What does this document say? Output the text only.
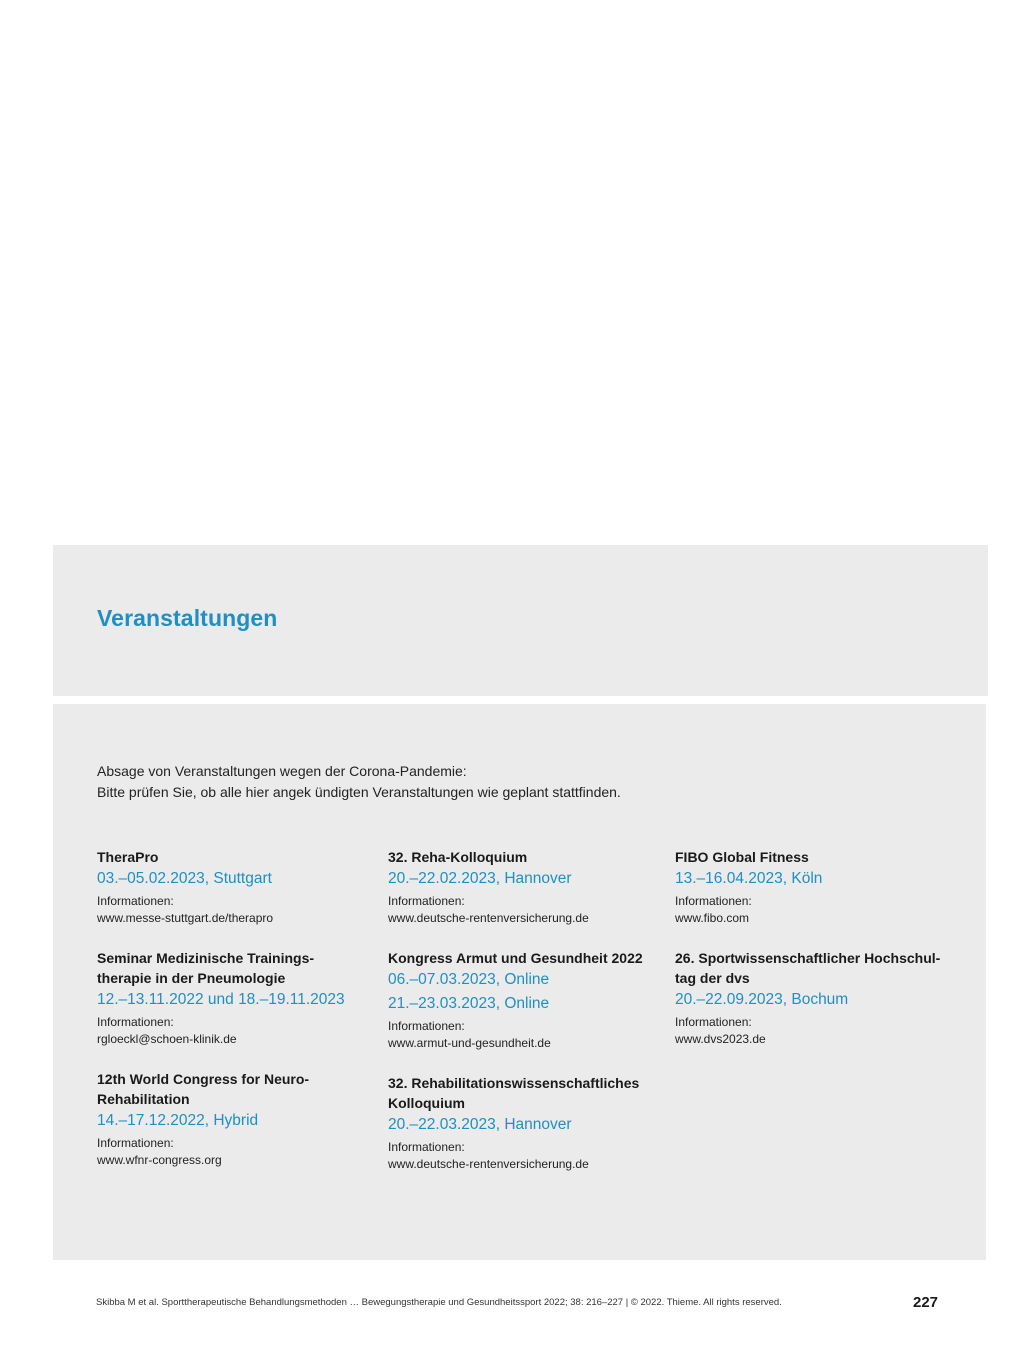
Veranstaltungen
Absage von Veranstaltungen wegen der Corona-Pandemie:
Bitte prüfen Sie, ob alle hier angek ündigten Veranstaltungen wie geplant stattfinden.
TheraPro
03.–05.02.2023, Stuttgart
Informationen:
www.messe-stuttgart.de/therapro
Seminar Medizinische Trainings-
therapie in der Pneumologie
12.–13.11.2022 und 18.–19.11.2023
Informationen:
rgloeckl@schoen-klinik.de
12th World Congress for Neuro-
Rehabilitation
14.–17.12.2022, Hybrid
Informationen:
www.wfnr-congress.org
32. Reha-Kolloquium
20.–22.02.2023, Hannover
Informationen:
www.deutsche-rentenversicherung.de
Kongress Armut und Gesundheit 2022
06.–07.03.2023, Online
21.–23.03.2023, Online
Informationen:
www.armut-und-gesundheit.de
32. Rehabilitationswissenschaftliches
Kolloquium
20.–22.03.2023, Hannover
Informationen:
www.deutsche-rentenversicherung.de
FIBO Global Fitness
13.–16.04.2023, Köln
Informationen:
www.fibo.com
26. Sportwissenschaftlicher Hochschul-
tag der dvs
20.–22.09.2023, Bochum
Informationen:
www.dvs2023.de
Skibba M et al. Sporttherapeutische Behandlungsmethoden … Bewegungstherapie und Gesundheitssport 2022; 38: 216–227 | © 2022. Thieme. All rights reserved.	227
